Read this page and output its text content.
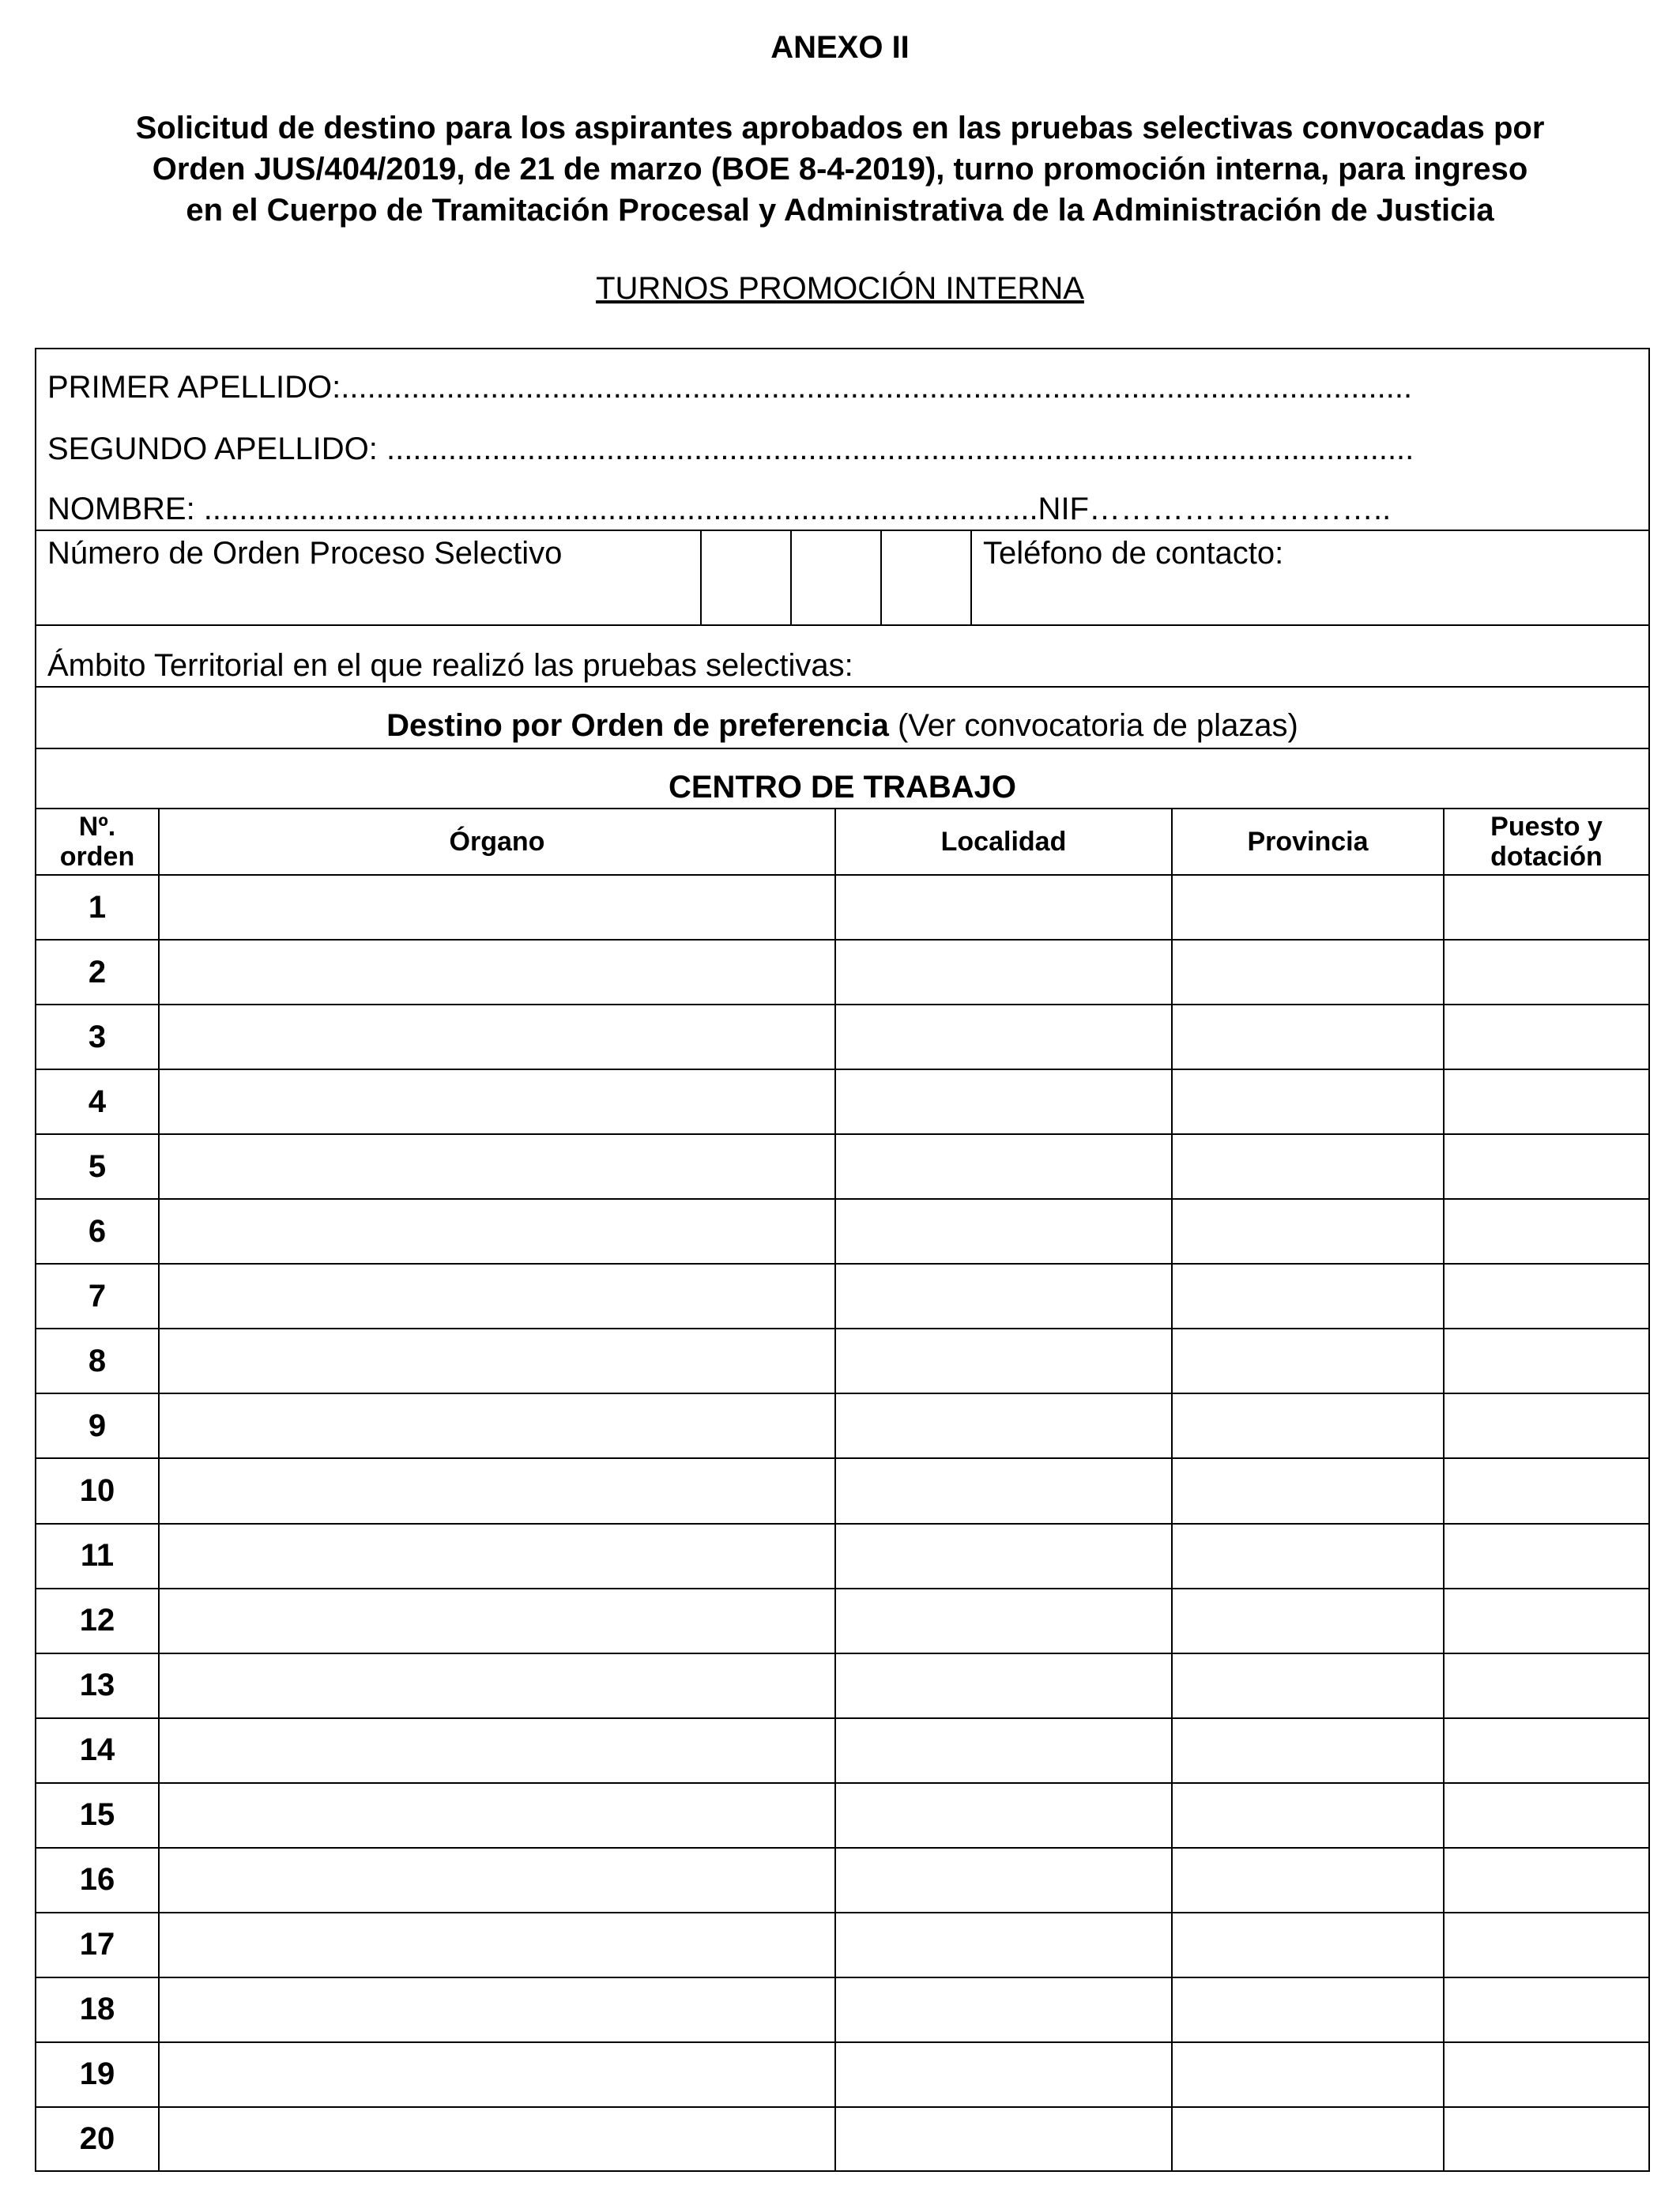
ANEXO II
Solicitud de destino para los aspirantes aprobados en las pruebas selectivas convocadas por
Orden JUS/404/2019, de 21 de marzo (BOE 8-4-2019), turno promoción interna, para ingreso
en el Cuerpo de Tramitación Procesal y Administrativa de la Administración de Justicia
TURNOS PROMOCIÓN INTERNA
PRIMER APELLIDO:..........................................................................................................................
SEGUNDO APELLIDO: .....................................................................................................................
NOMBRE: ...............................................................................................NIF………………………..
Número de Orden Proceso Selectivo	Teléfono de contacto:
Ámbito Territorial en el que realizó las pruebas selectivas:
Destino por Orden de preferencia (Ver convocatoria de plazas)
CENTRO DE TRABAJO
Nº.
orden	Órgano	Localidad	Provincia	Puesto y
dotación
1
2
3
4
5
6
7
8
9
10
11
12
13
14
15
16
17
18
19
20
